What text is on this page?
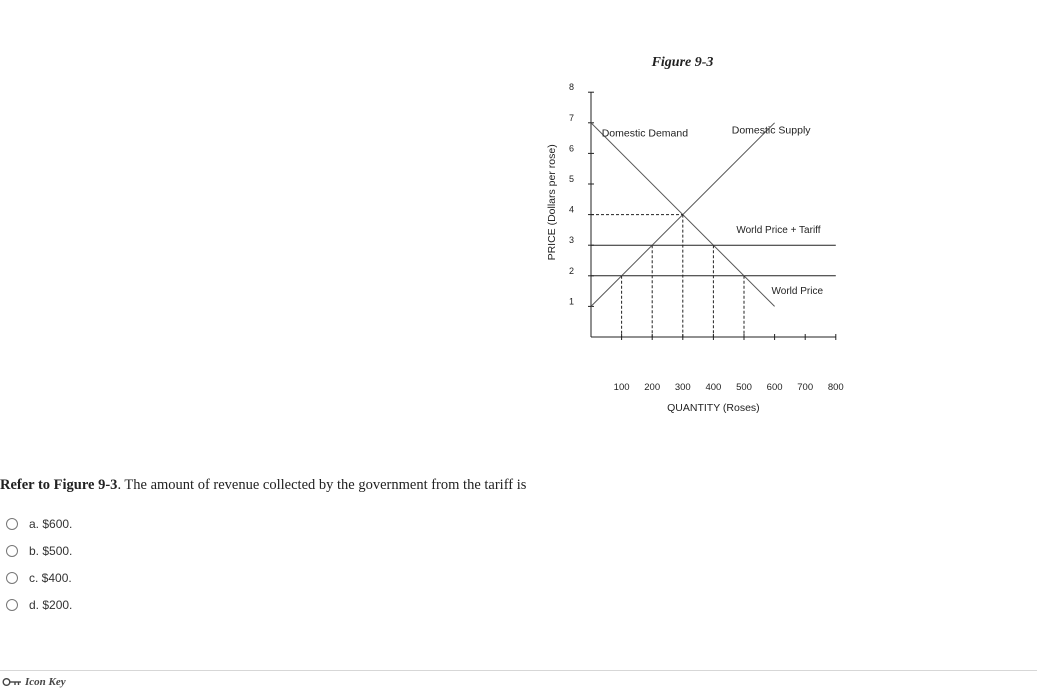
Figure 9-3
1
2
3
4
5
6
7
8
100 200 300 400 500 600 700 800
Domestic Demand	Domestic Supply
World Price + Tariff
World Price
QUANTITY (Roses)
PRICE (Dollars per rose)
Refer to Figure 9-3. The amount of revenue collected by the government from the tariff is
a. $600.
b. $500.
c. $400.
d. $200.
Icon Key
